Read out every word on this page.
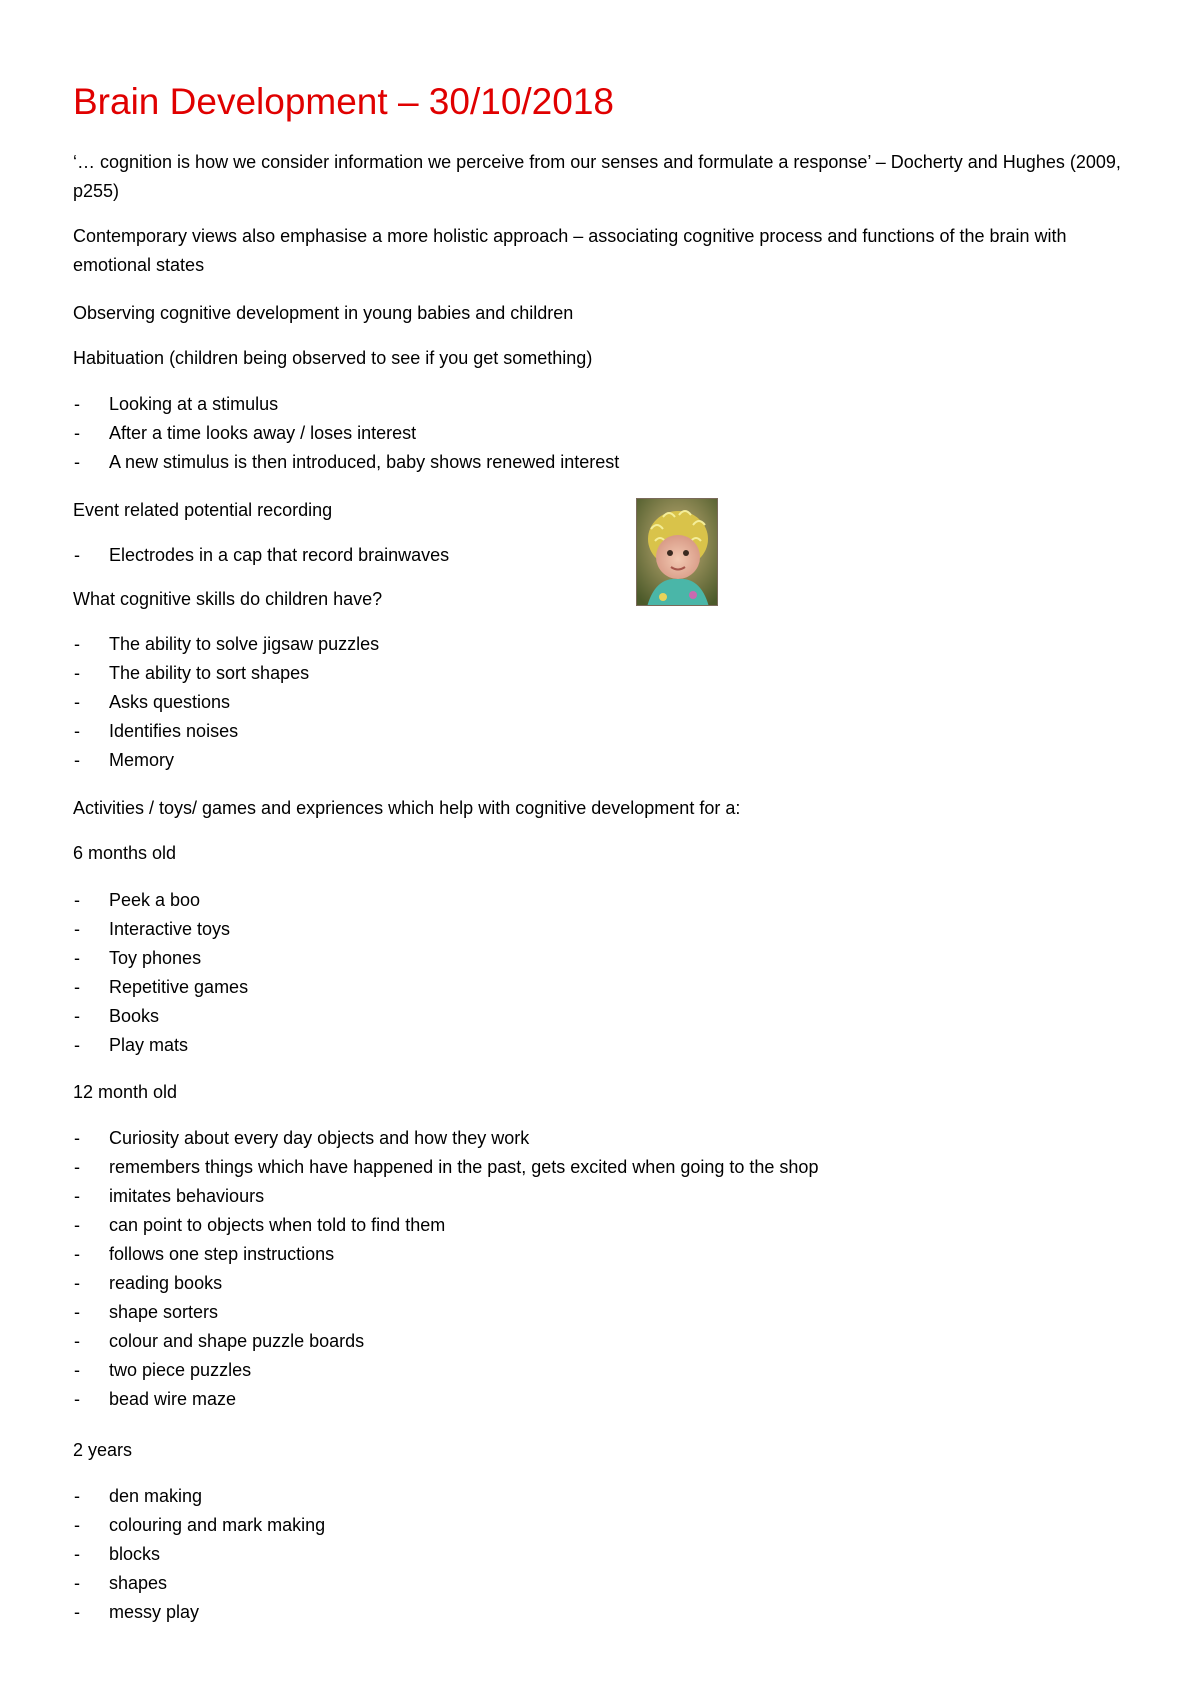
Brain Development – 30/10/2018

‘… cognition is how we consider information we perceive from our senses and formulate a response’ – Docherty and Hughes (2009, p255)

Contemporary views also emphasise a more holistic approach – associating cognitive process and functions of the brain with emotional states

Observing cognitive development in young babies and children

Habituation (children being observed to see if you get something)

- Looking at a stimulus
- After a time looks away / loses interest
- A new stimulus is then introduced, baby shows renewed interest

Event related potential recording

- Electrodes in a cap that record brainwaves

What cognitive skills do children have?

- The ability to solve jigsaw puzzles
- The ability to sort shapes
- Asks questions
- Identifies noises
- Memory

Activities / toys/ games and expriences which help with cognitive development for a:

6 months old

- Peek a boo
- Interactive toys
- Toy phones
- Repetitive games
- Books
- Play mats

12 month old

- Curiosity about every day objects and how they work
- remembers things which have happened in the past, gets excited when going to the shop
- imitates behaviours
- can point to objects when told to find them
- follows one step instructions
- reading books
- shape sorters
- colour and shape puzzle boards
- two piece puzzles
- bead wire maze

2 years

- den making
- colouring and mark making
- blocks
- shapes
- messy play
